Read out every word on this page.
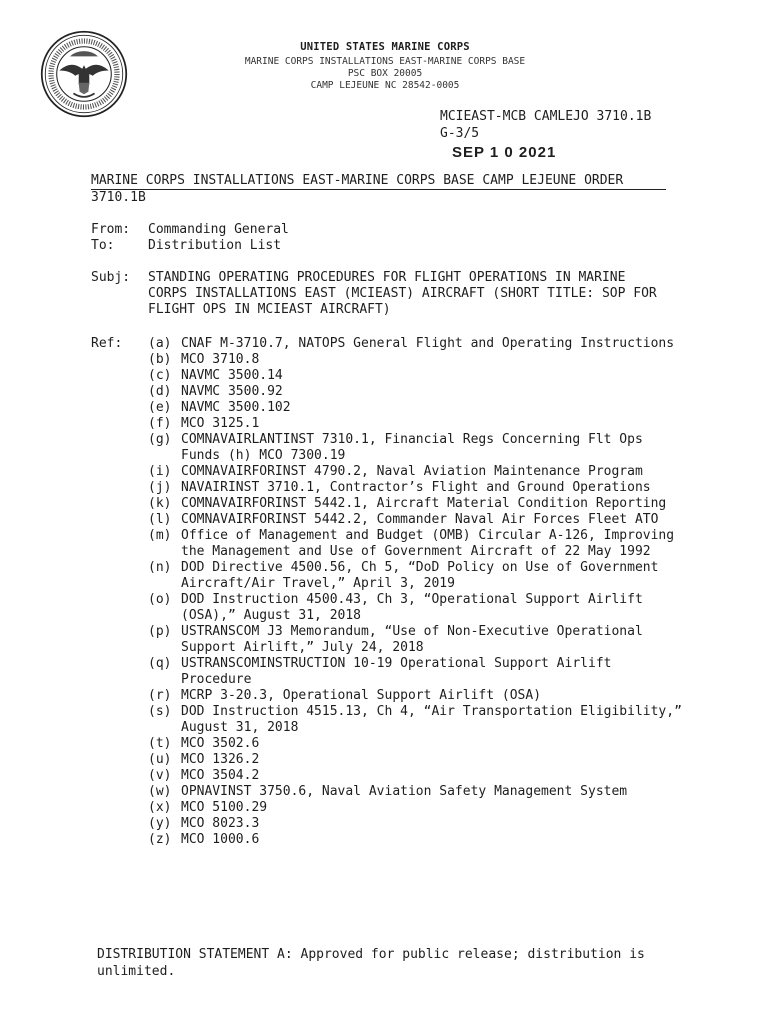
UNITED STATES MARINE CORPS
MARINE CORPS INSTALLATIONS EAST-MARINE CORPS BASE
PSC BOX 20005
CAMP LEJEUNE NC 28542-0005
MCIEAST-MCB CAMLEJO 3710.1B
G-3/5
SEP 1 0 2021
MARINE CORPS INSTALLATIONS EAST-MARINE CORPS BASE CAMP LEJEUNE ORDER 3710.1B
From: Commanding General
To:	Distribution List
Subj: STANDING OPERATING PROCEDURES FOR FLIGHT OPERATIONS IN MARINE CORPS INSTALLATIONS EAST (MCIEAST) AIRCRAFT (SHORT TITLE: SOP FOR FLIGHT OPS IN MCIEAST AIRCRAFT)
Ref: (a) CNAF M-3710.7, NATOPS General Flight and Operating Instructions
(b) MCO 3710.8
(c) NAVMC 3500.14
(d) NAVMC 3500.92
(e) NAVMC 3500.102
(f) MCO 3125.1
(g) COMNAVAIRLANTINST 7310.1, Financial Regs Concerning Flt Ops Funds (h) MCO 7300.19
(i) COMNAVAIRFORINST 4790.2, Naval Aviation Maintenance Program
(j) NAVAIRINST 3710.1, Contractor’s Flight and Ground Operations
(k) COMNAVAIRFORINST 5442.1, Aircraft Material Condition Reporting
(l) COMNAVAIRFORINST 5442.2, Commander Naval Air Forces Fleet ATO
(m) Office of Management and Budget (OMB) Circular A-126, Improving the Management and Use of Government Aircraft of 22 May 1992
(n) DOD Directive 4500.56, Ch 5, “DoD Policy on Use of Government Aircraft/Air Travel,” April 3, 2019
(o) DOD Instruction 4500.43, Ch 3, “Operational Support Airlift (OSA),” August 31, 2018
(p) USTRANSCOM J3 Memorandum, “Use of Non-Executive Operational Support Airlift,” July 24, 2018
(q) USTRANSCOMINSTRUCTION 10-19 Operational Support Airlift Procedure
(r) MCRP 3-20.3, Operational Support Airlift (OSA)
(s) DOD Instruction 4515.13, Ch 4, “Air Transportation Eligibility,” August 31, 2018
(t) MCO 3502.6
(u) MCO 1326.2
(v) MCO 3504.2
(w) OPNAVINST 3750.6, Naval Aviation Safety Management System
(x) MCO 5100.29
(y) MCO 8023.3
(z) MCO 1000.6
DISTRIBUTION STATEMENT A: Approved for public release; distribution is unlimited.
